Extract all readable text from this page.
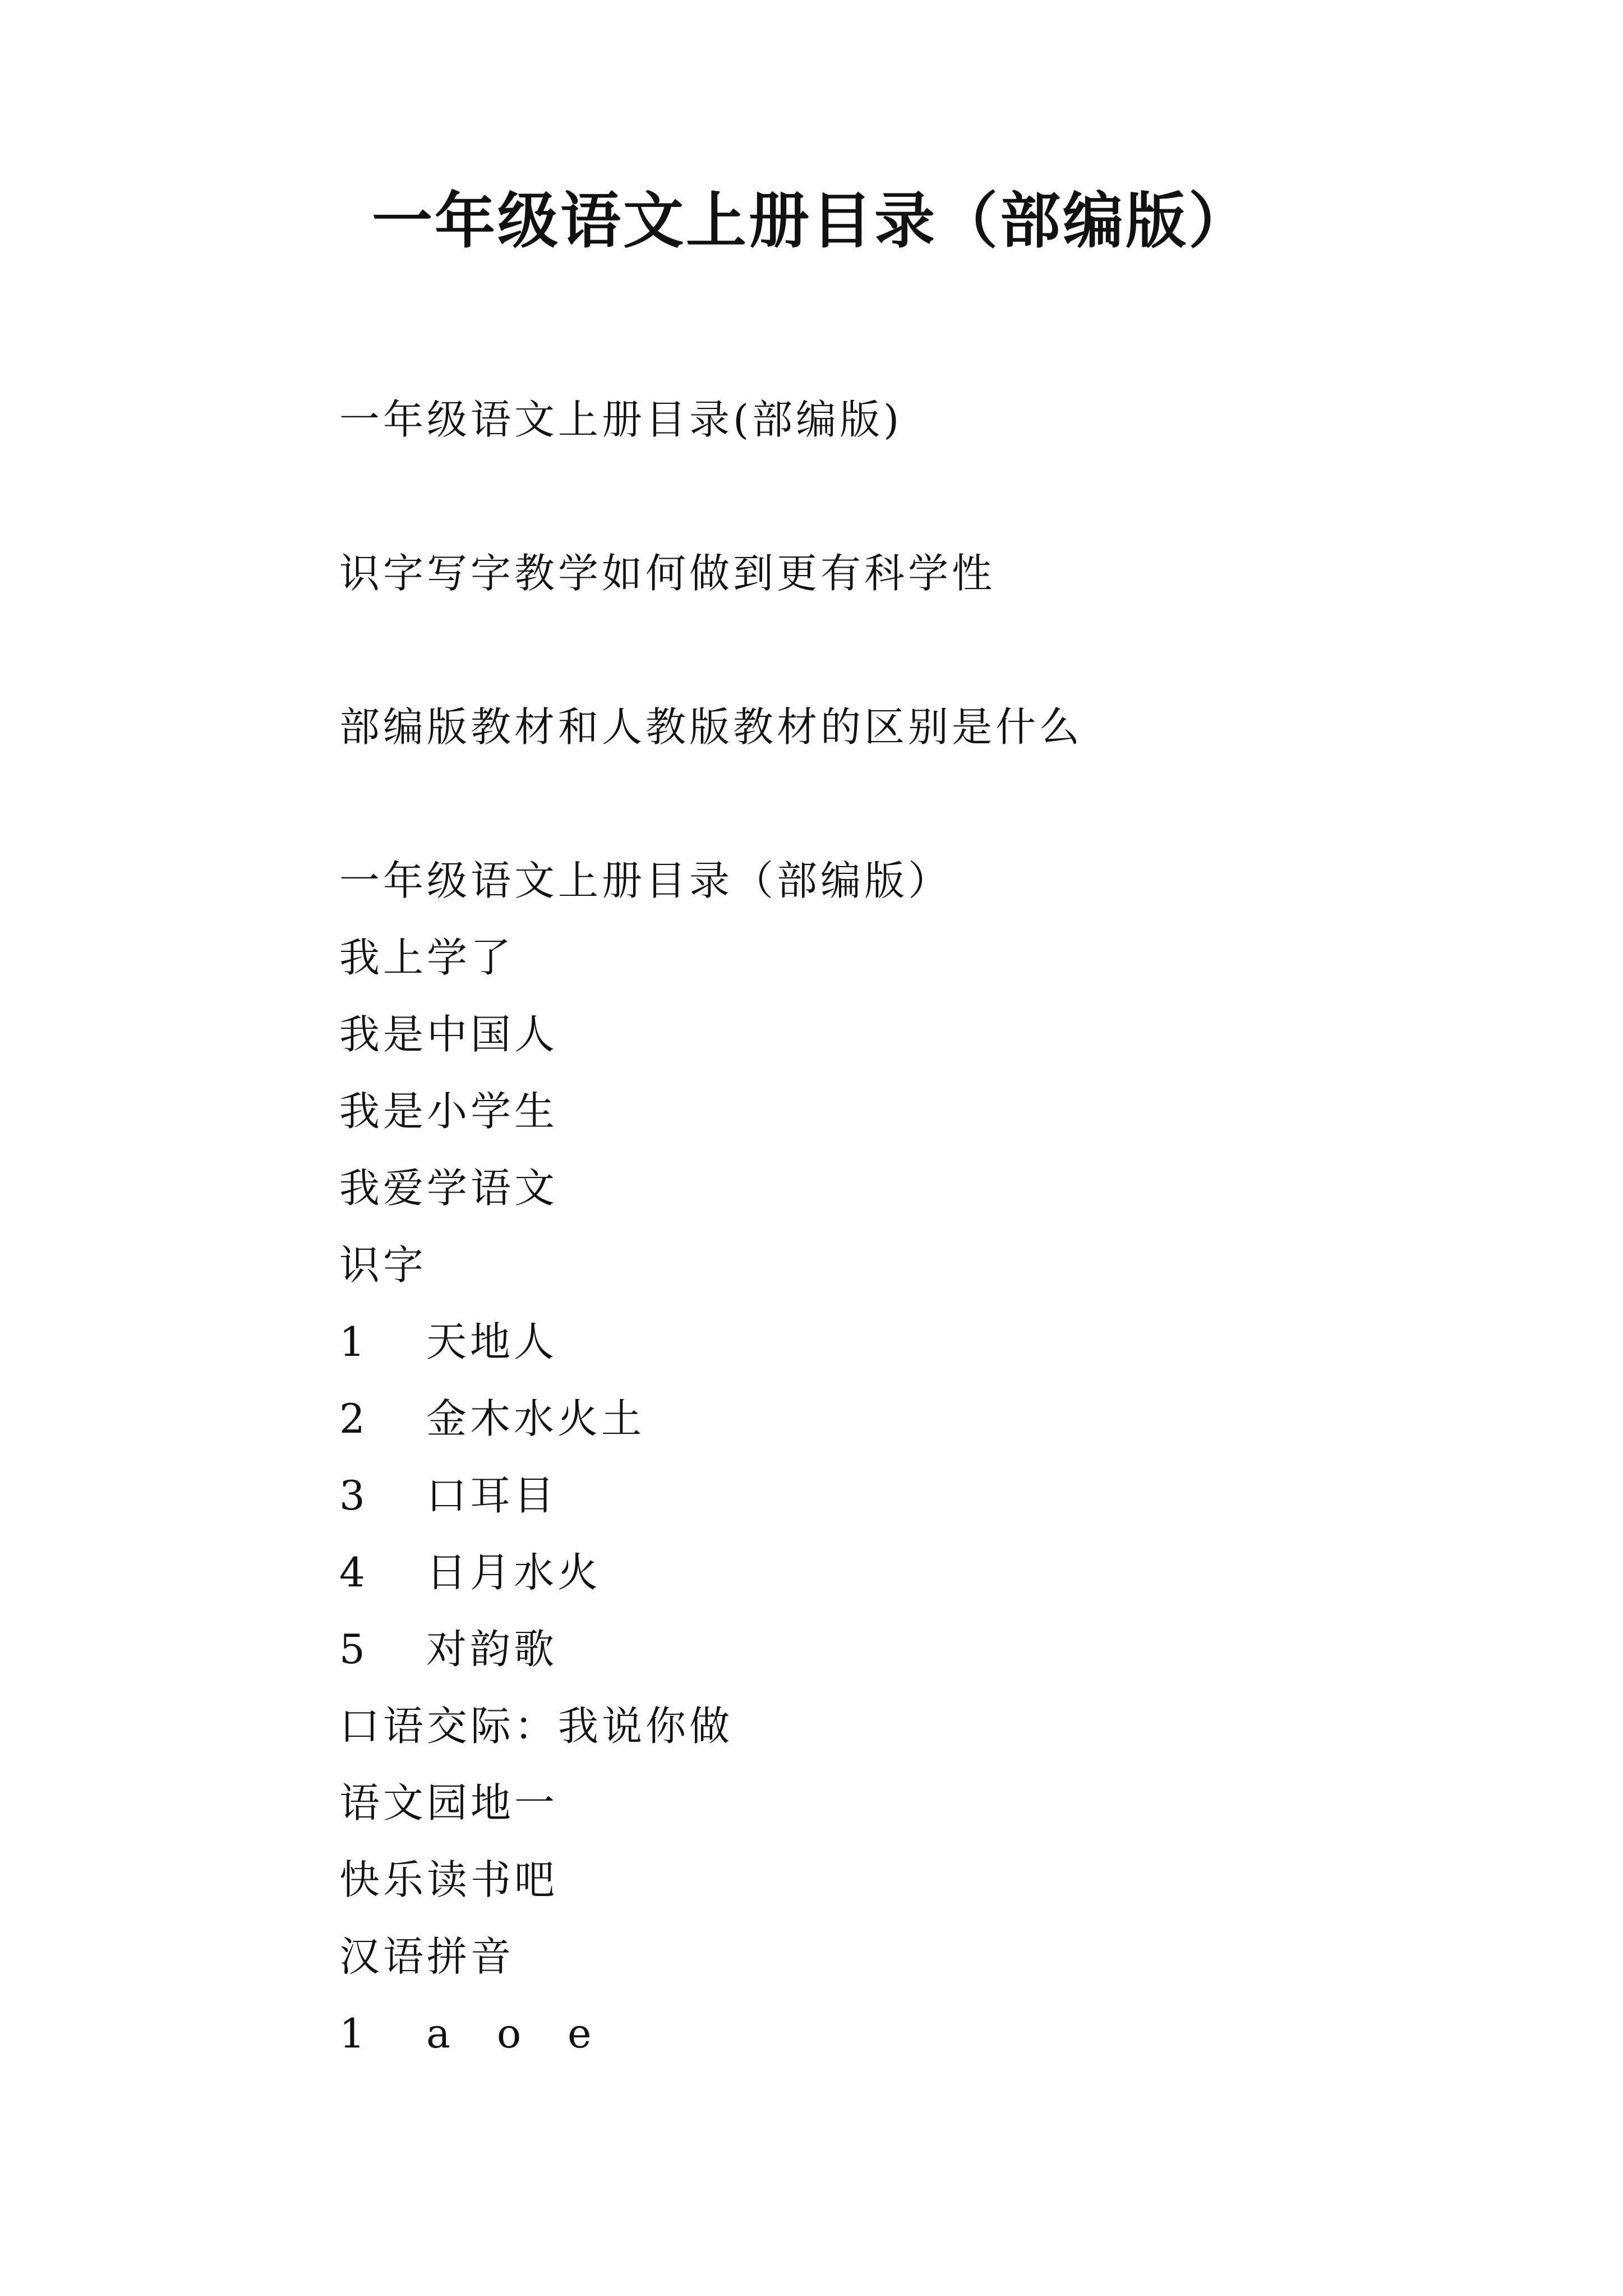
一年级语文上册目录（部编版）
一年级语文上册目录(部编版)
识字写字教学如何做到更有科学性
部编版教材和人教版教材的区别是什么
一年级语文上册目录（部编版）
我上学了
我是中国人
我是小学生
我爱学语文
识字
1 天地人
2 金木水火土
3 口耳目
4 日月水火
5 对韵歌
口语交际：我说你做
语文园地一
快乐读书吧
汉语拼音
1 a o e
